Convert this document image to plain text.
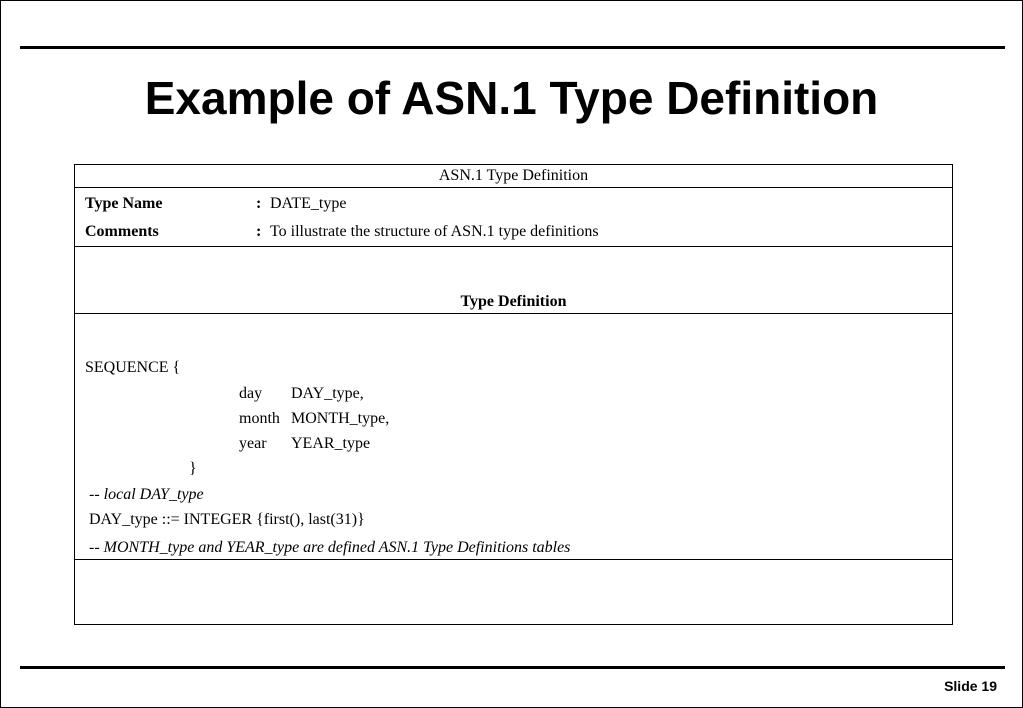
Example of ASN.1 Type Definition
ASN.1 Type Definition
Type Name	: DATE_type
Comments	: To illustrate the structure of ASN.1 type definitions
Type Definition
SEQUENCE {
day DAY_type,
month MONTH_type,
year YEAR_type
}
-- local DAY_type
DAY_type ::= INTEGER {first(), last(31)}
-- MONTH_type and YEAR_type are defined ASN.1 Type Definitions tables
Slide 19
